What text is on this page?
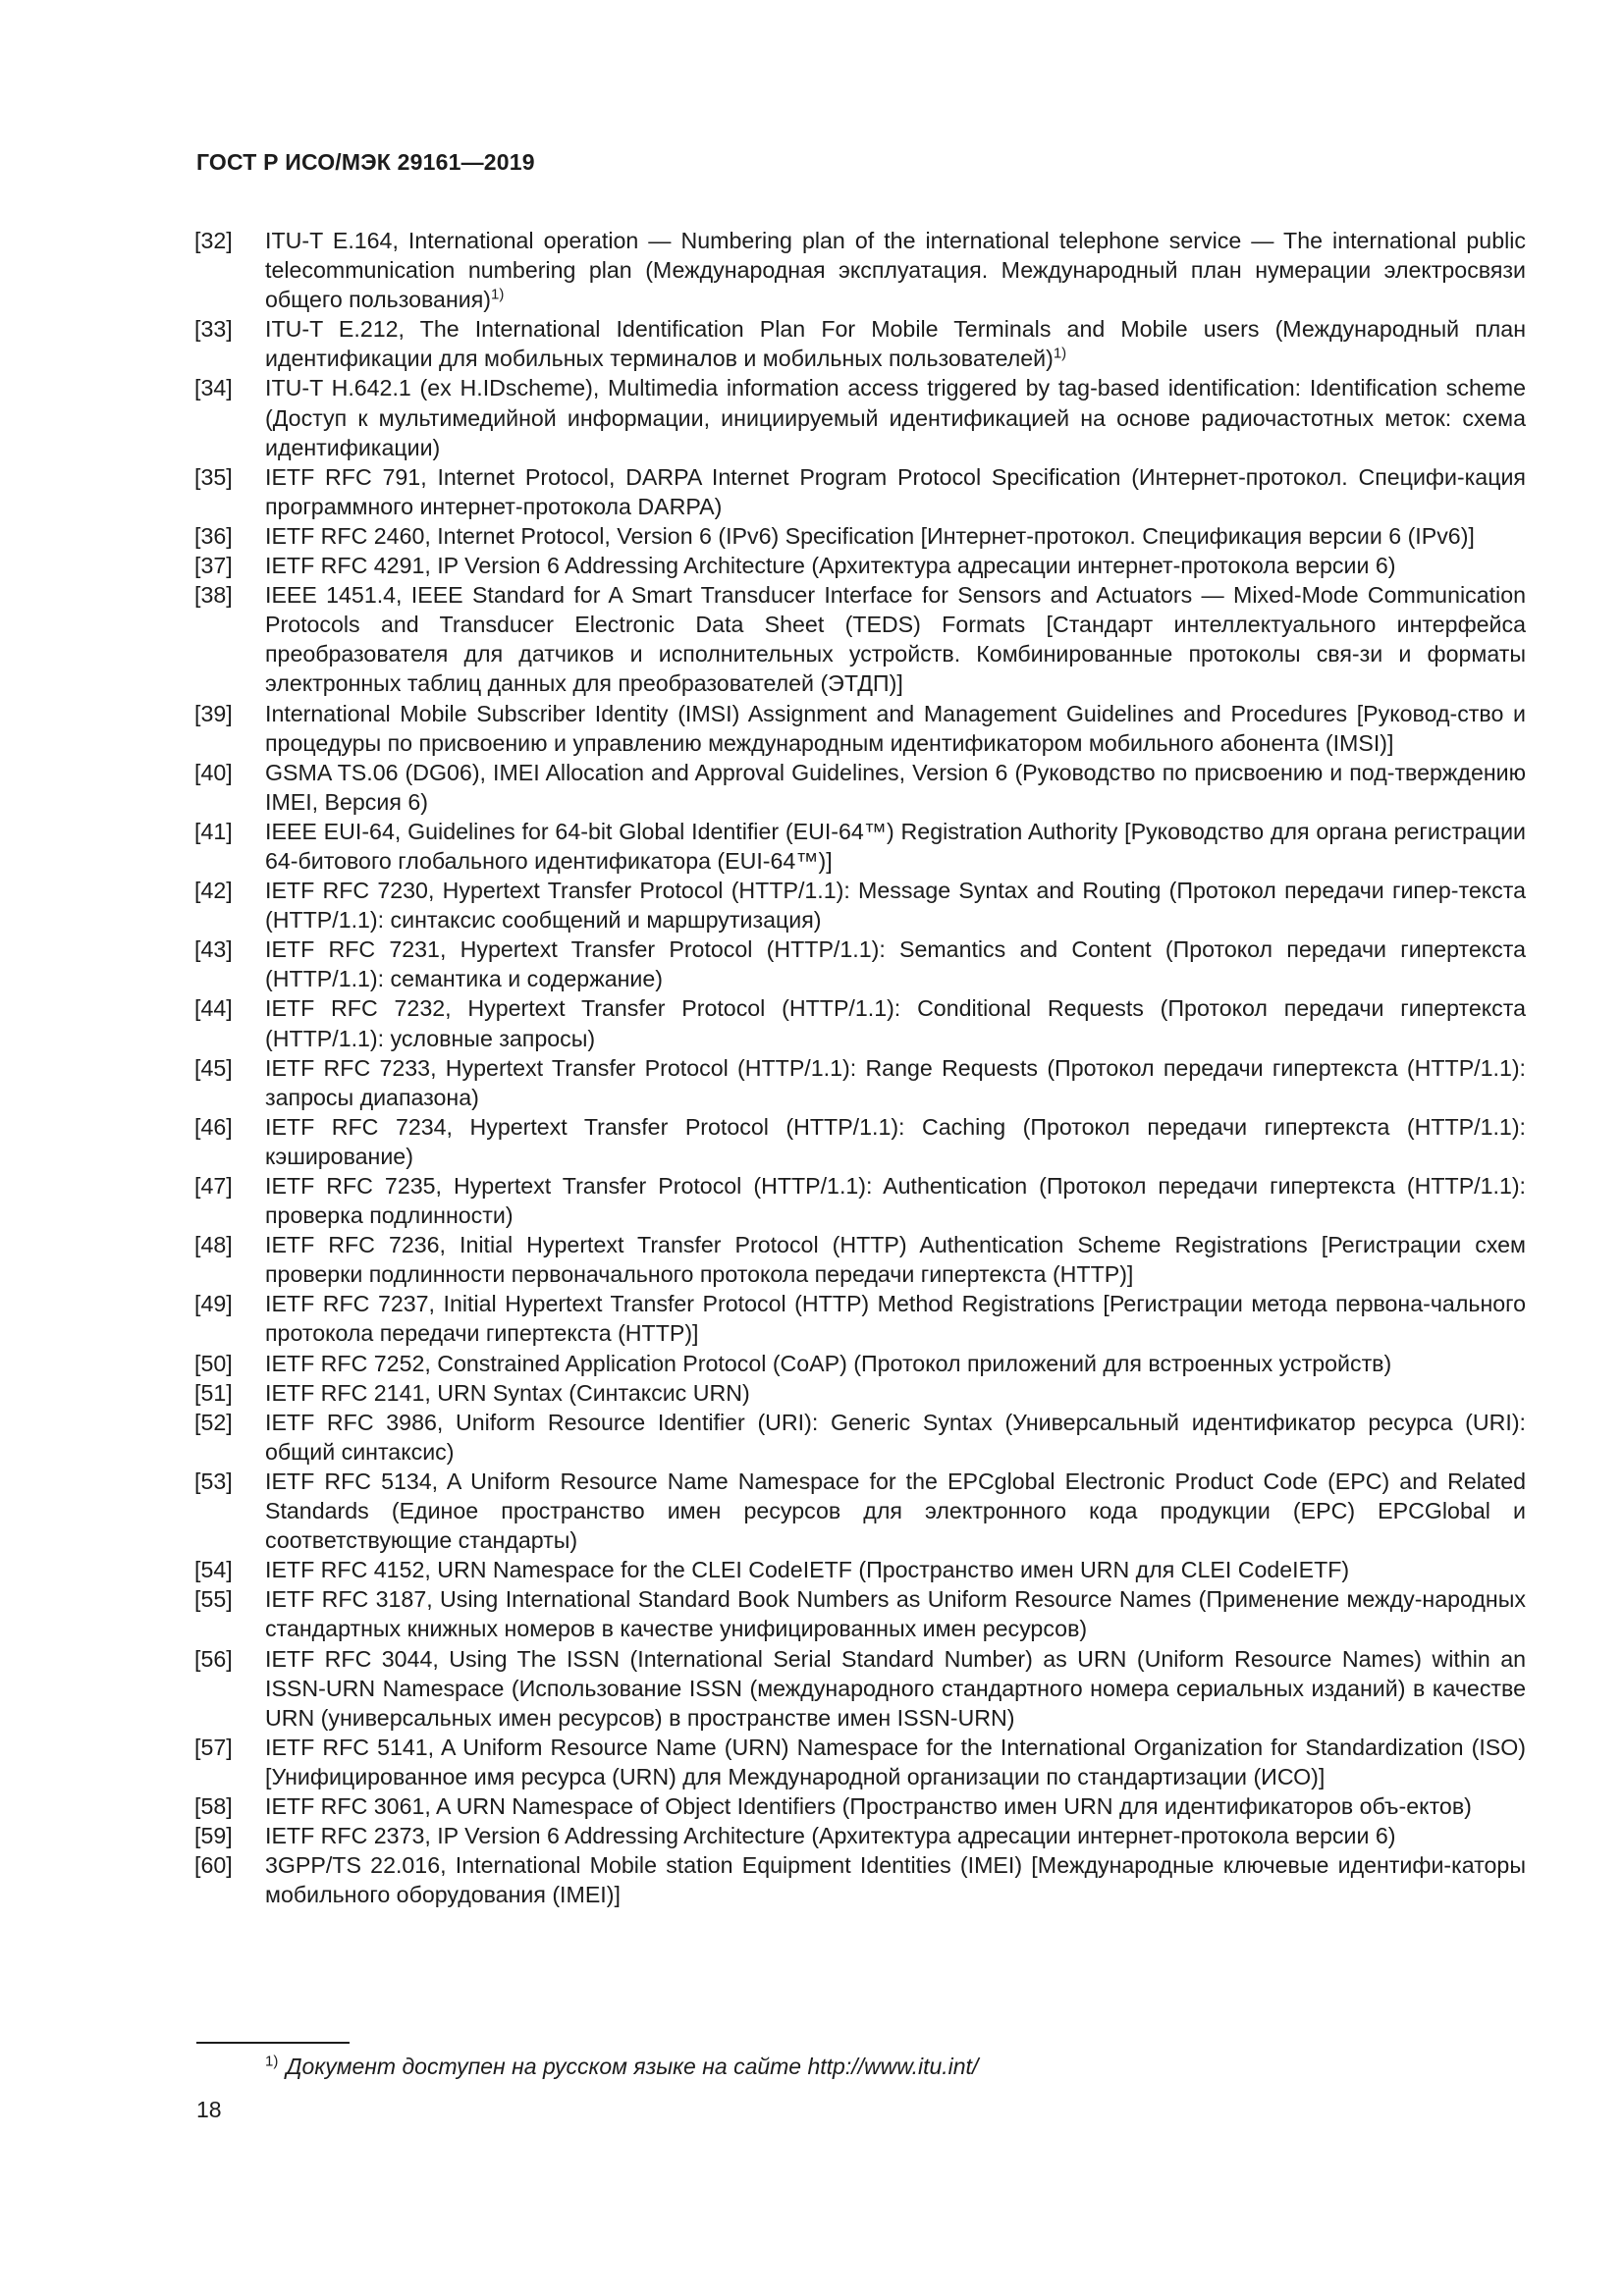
ГОСТ Р ИСО/МЭК 29161—2019
[32]	ITU-T E.164, International operation — Numbering plan of the international telephone service — The international public telecommunication numbering plan (Международная эксплуатация. Международный план нумерации электросвязи общего пользования)$^{1)}$
[33]	ITU-T E.212, The International Identification Plan For Mobile Terminals and Mobile users (Международный план идентификации для мобильных терминалов и мобильных пользователей)$^{1)}$
[34]	ITU-T H.642.1 (ex H.IDscheme), Multimedia information access triggered by tag-based identification: Identification scheme (Доступ к мультимедийной информации, инициируемый идентификацией на основе радиочастотных меток: схема идентификации)
[35]	IETF RFC 791, Internet Protocol, DARPA Internet Program Protocol Specification (Интернет-протокол. Специфи-кация программного интернет-протокола DARPA)
[36]	IETF RFC 2460, Internet Protocol, Version 6 (IPv6) Specification [Интернет-протокол. Спецификация версии 6 (IPv6)]
[37]	IETF RFC 4291, IP Version 6 Addressing Architecture (Архитектура адресации интернет-протокола версии 6)
[38]	IEEE 1451.4, IEEE Standard for A Smart Transducer Interface for Sensors and Actuators — Mixed-Mode Communication Protocols and Transducer Electronic Data Sheet (TEDS) Formats [Стандарт интеллектуального интерфейса преобразователя для датчиков и исполнительных устройств. Комбинированные протоколы свя-зи и форматы электронных таблиц данных для преобразователей (ЭТДП)]
[39]	International Mobile Subscriber Identity (IMSI) Assignment and Management Guidelines and Procedures [Руковод-ство и процедуры по присвоению и управлению международным идентификатором мобильного абонента (IMSI)]
[40]	GSMA TS.06 (DG06), IMEI Allocation and Approval Guidelines, Version 6 (Руководство по присвоению и под-тверждению IMEI, Версия 6)
[41]	IEEE EUI-64, Guidelines for 64-bit Global Identifier (EUI-64™) Registration Authority [Руководство для органа регистрации 64-битового глобального идентификатора (EUI-64™)]
[42]	IETF RFC 7230, Hypertext Transfer Protocol (HTTP/1.1): Message Syntax and Routing (Протокол передачи гипер-текста (HTTP/1.1): синтаксис сообщений и маршрутизация)
[43]	IETF RFC 7231, Hypertext Transfer Protocol (HTTP/1.1): Semantics and Content (Протокол передачи гипертекста (HTTP/1.1): семантика и содержание)
[44]	IETF RFC 7232, Hypertext Transfer Protocol (HTTP/1.1): Conditional Requests (Протокол передачи гипертекста (HTTP/1.1): условные запросы)
[45]	IETF RFC 7233, Hypertext Transfer Protocol (HTTP/1.1): Range Requests (Протокол передачи гипертекста (HTTP/1.1): запросы диапазона)
[46]	IETF RFC 7234, Hypertext Transfer Protocol (HTTP/1.1): Caching (Протокол передачи гипертекста (HTTP/1.1): кэширование)
[47]	IETF RFC 7235, Hypertext Transfer Protocol (HTTP/1.1): Authentication (Протокол передачи гипертекста (HTTP/1.1): проверка подлинности)
[48]	IETF RFC 7236, Initial Hypertext Transfer Protocol (HTTP) Authentication Scheme Registrations [Регистрации схем проверки подлинности первоначального протокола передачи гипертекста (HTTP)]
[49]	IETF RFC 7237, Initial Hypertext Transfer Protocol (HTTP) Method Registrations [Регистрации метода первона-чального протокола передачи гипертекста (HTTP)]
[50]	IETF RFC 7252, Constrained Application Protocol (CoAP) (Протокол приложений для встроенных устройств)
[51]	IETF RFC 2141, URN Syntax (Синтаксис URN)
[52]	IETF RFC 3986, Uniform Resource Identifier (URI): Generic Syntax (Универсальный идентификатор ресурса (URI): общий синтаксис)
[53]	IETF RFC 5134, A Uniform Resource Name Namespace for the EPCglobal Electronic Product Code (EPC) and Related Standards (Единое пространство имен ресурсов для электронного кода продукции (EPC) EPCGlobal и соответствующие стандарты)
[54]	IETF RFC 4152, URN Namespace for the CLEI CodeIETF (Пространство имен URN для CLEI CodeIETF)
[55]	IETF RFC 3187, Using International Standard Book Numbers as Uniform Resource Names (Применение между-народных стандартных книжных номеров в качестве унифицированных имен ресурсов)
[56]	IETF RFC 3044, Using The ISSN (International Serial Standard Number) as URN (Uniform Resource Names) within an ISSN-URN Namespace (Использование ISSN (международного стандартного номера сериальных изданий) в качестве URN (универсальных имен ресурсов) в пространстве имен ISSN-URN)
[57]	IETF RFC 5141, A Uniform Resource Name (URN) Namespace for the International Organization for Standardization (ISO) [Унифицированное имя ресурса (URN) для Международной организации по стандартизации (ИСО)]
[58]	IETF RFC 3061, A URN Namespace of Object Identifiers (Пространство имен URN для идентификаторов объ-ектов)
[59]	IETF RFC 2373, IP Version 6 Addressing Architecture (Архитектура адресации интернет-протокола версии 6)
[60]	3GPP/TS 22.016, International Mobile station Equipment Identities (IMEI) [Международные ключевые идентифи-каторы мобильного оборудования (IMEI)]
$^{1)}$ Документ доступен на русском языке на сайте http://www.itu.int/
18
